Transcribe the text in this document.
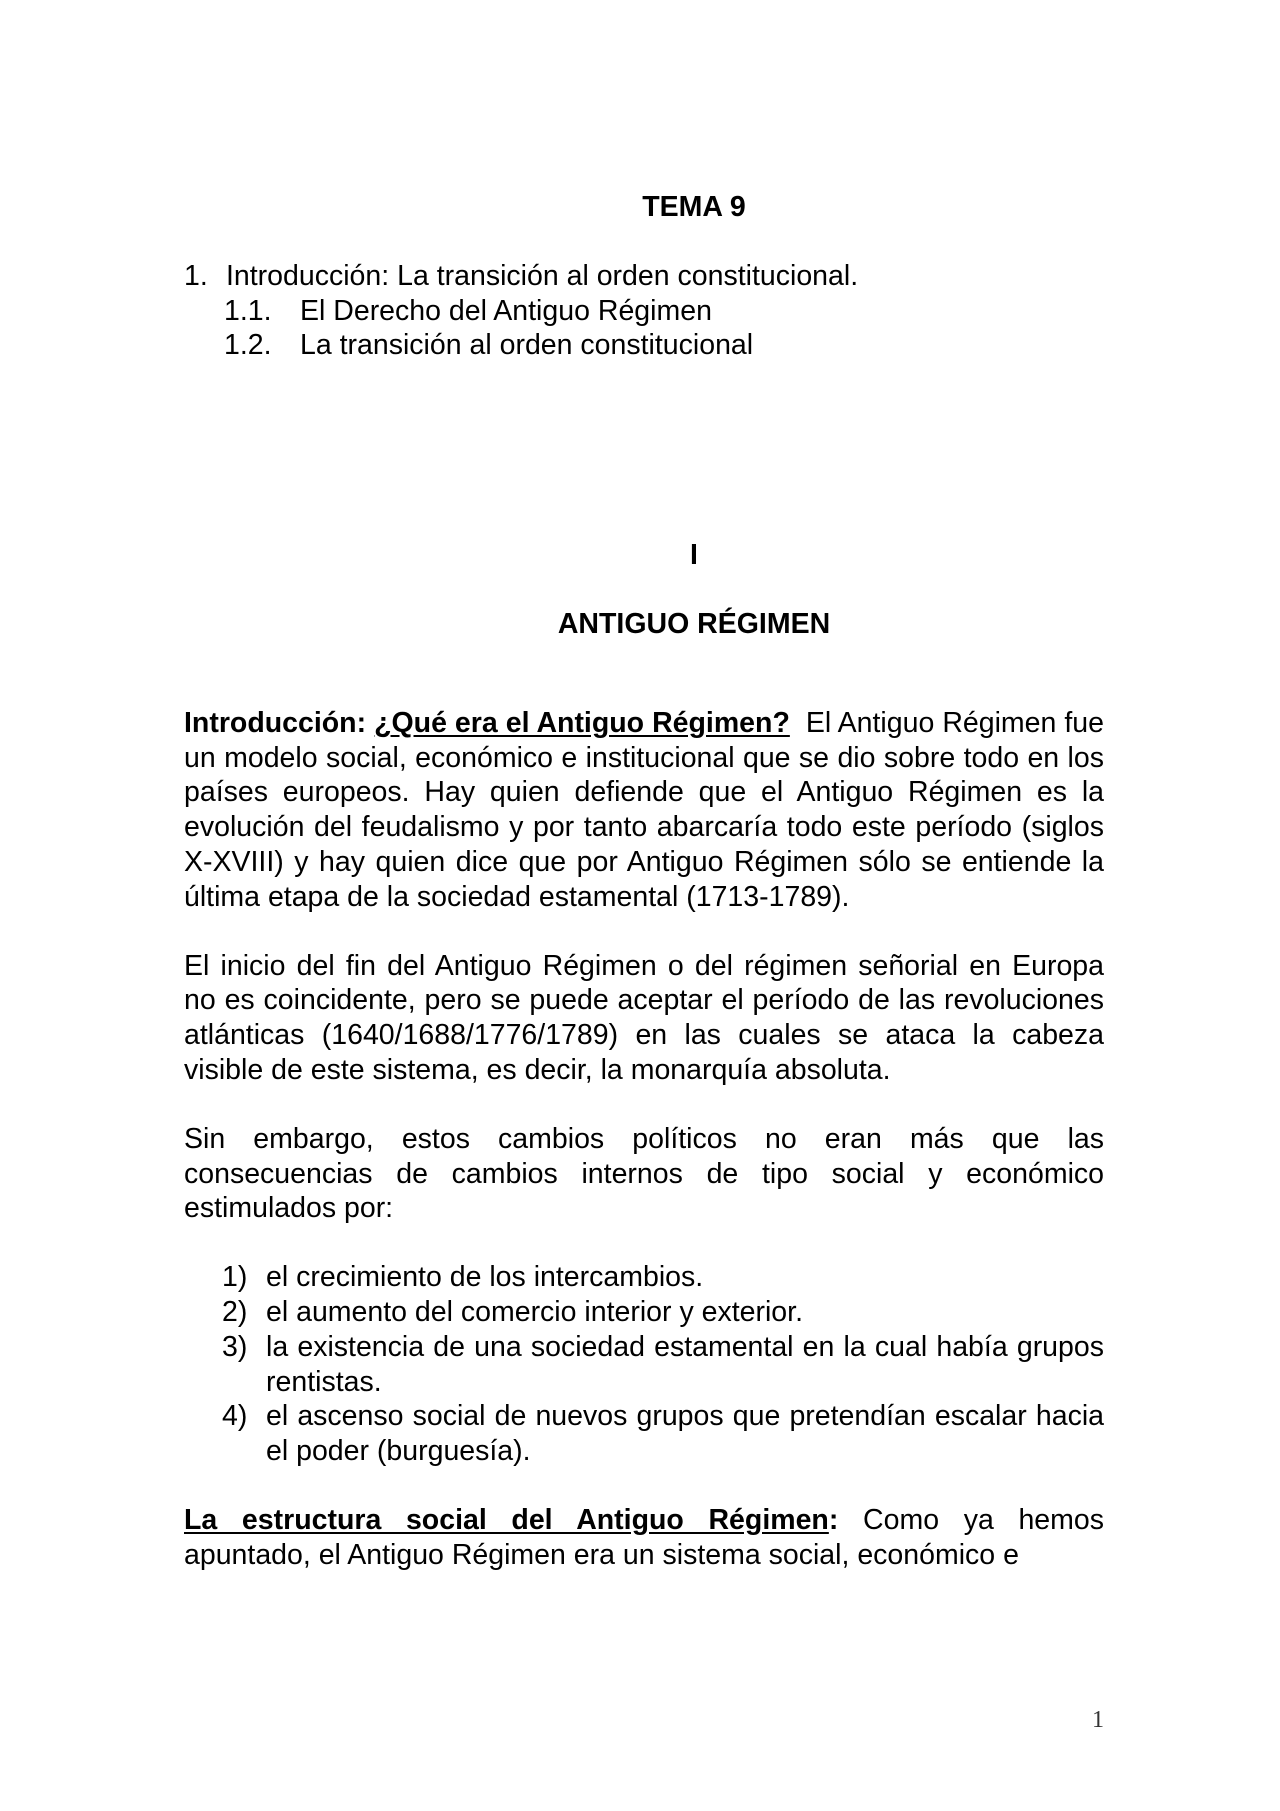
TEMA 9
1. Introducción: La transición al orden constitucional.
1.1. El Derecho del Antiguo Régimen
1.2. La transición al orden constitucional
I
ANTIGUO RÉGIMEN

Introducción: ¿Qué era el Antiguo Régimen? El Antiguo Régimen fue un modelo social, económico e institucional que se dio sobre todo en los países europeos. Hay quien defiende que el Antiguo Régimen es la evolución del feudalismo y por tanto abarcaría todo este período (siglos X-XVIII) y hay quien dice que por Antiguo Régimen sólo se entiende la última etapa de la sociedad estamental (1713-1789).

El inicio del fin del Antiguo Régimen o del régimen señorial en Europa no es coincidente, pero se puede aceptar el período de las revoluciones atlánticas (1640/1688/1776/1789) en las cuales se ataca la cabeza visible de este sistema, es decir, la monarquía absoluta.

Sin embargo, estos cambios políticos no eran más que las consecuencias de cambios internos de tipo social y económico estimulados por:

1) el crecimiento de los intercambios.
2) el aumento del comercio interior y exterior.
3) la existencia de una sociedad estamental en la cual había grupos rentistas.
4) el ascenso social de nuevos grupos que pretendían escalar hacia el poder (burguesía).

La estructura social del Antiguo Régimen: Como ya hemos apuntado, el Antiguo Régimen era un sistema social, económico e

1
